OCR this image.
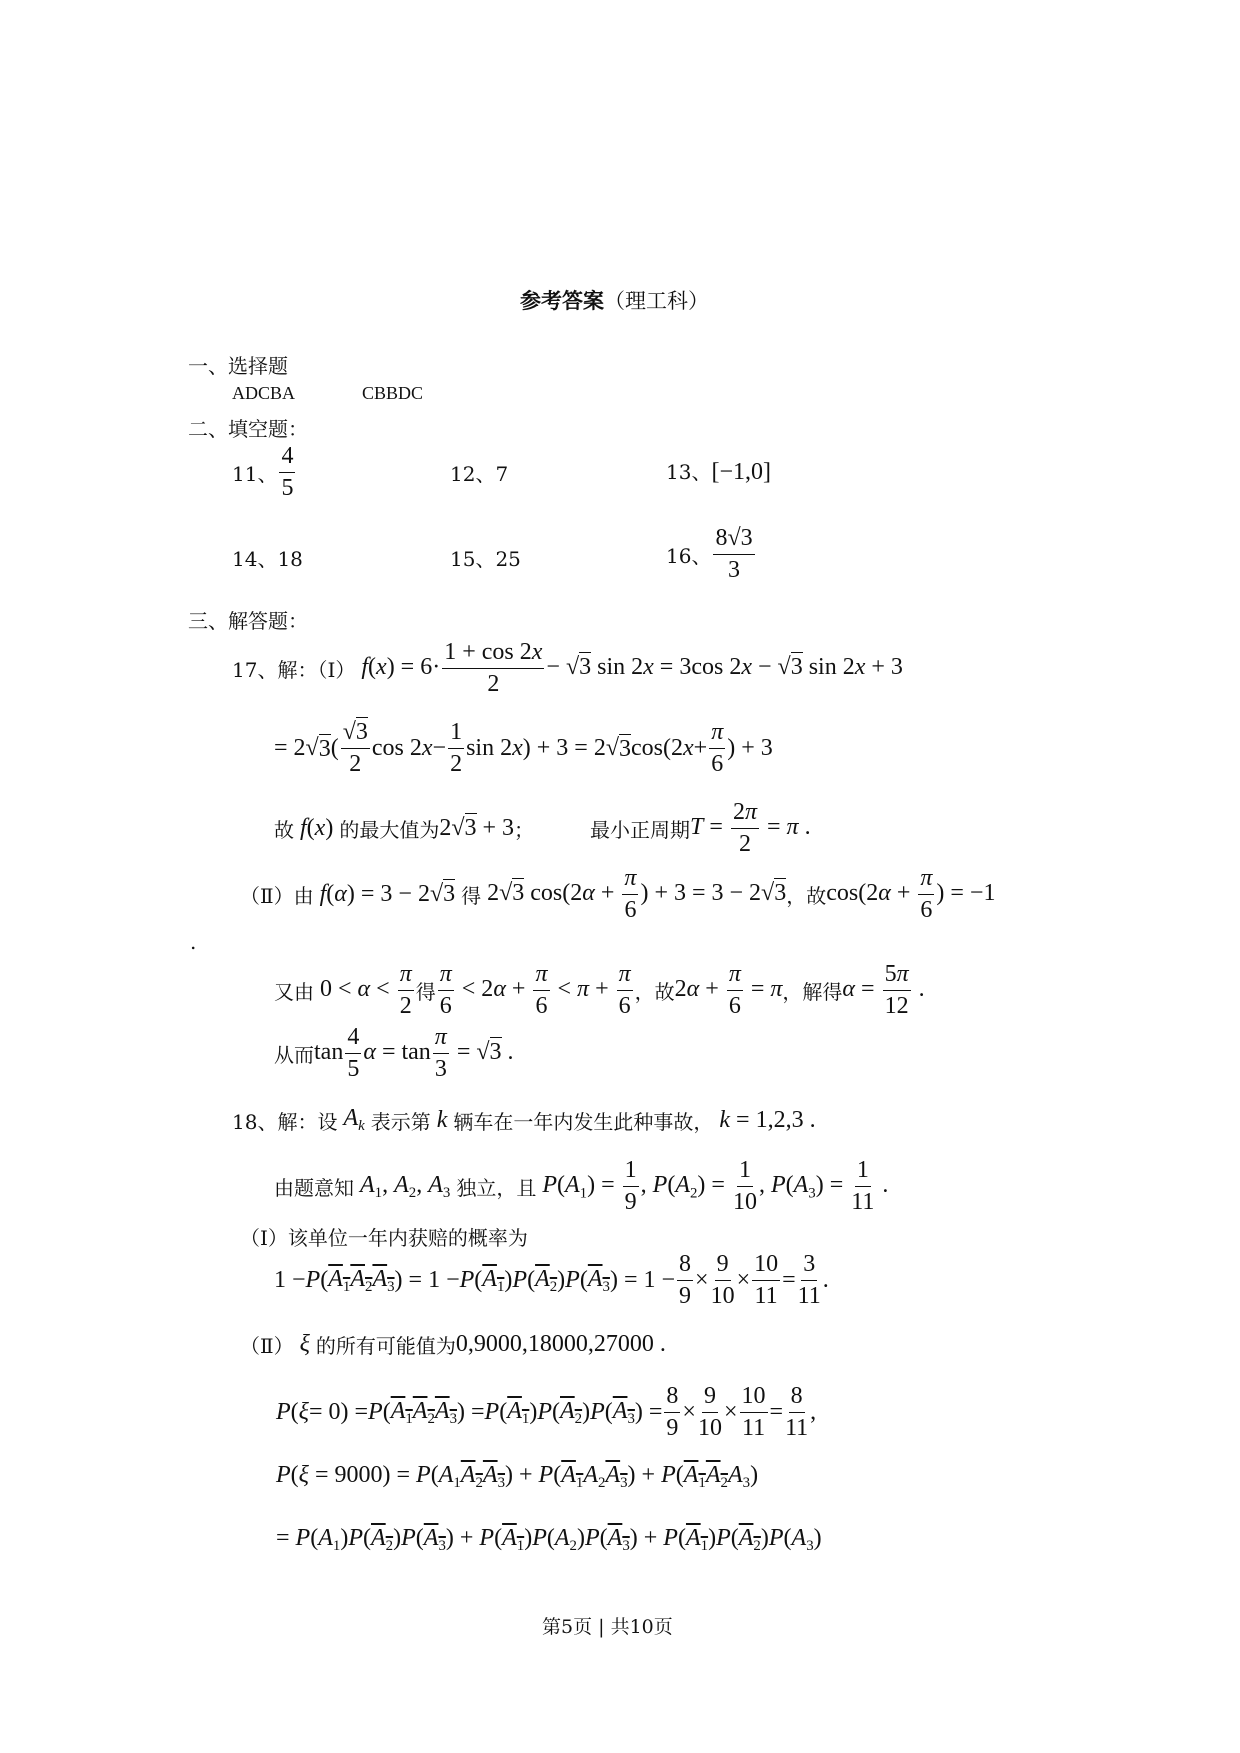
参考答案（理工科）
一、选择题
ADCBA	CBBDC
二、填空题：
11、 $\frac{4}{5}$	12、7	13、[−1,0]
14、18	15、25	16、 $\frac{8√3}{3}$
三、解答题：
17、解：（Ⅰ） $f(x) = 6\cdot \frac{1 + \cos 2x}{2} - √3$ sin 2x = 3cos 2x − √3 sin 2x + 3
= 2√ 3 ( $\frac{√3}{2}$ cos 2 $x - \frac{1}{2}$ sin 2 x ) + 3 = 2√ 3 cos(2 $x + \frac{\pi}{6}$ ) + 3
故 f(x) 的最大值为 2√3 + 3 ；	最小正周期 $T = \frac{2\pi}{2} = \pi$ .
（Ⅱ）由 f(α) = 3 − 2√3 得 2√3 $\cos(2\alpha + \frac{\pi}{6}$ ) + 3 = 3 − 2√3 ，故 $\cos(2\alpha + \frac{\pi}{6}$ ) = −1
.
又由 $0 < \alpha < \frac{\pi}{2}$ 得 $\frac{\pi}{6} < 2\alpha + \frac{\pi}{6} < \pi + \frac{\pi}{6}$ ，故 $2\alpha + \frac{\pi}{6} = \pi$ ，解得 $\alpha = \frac{5\pi}{12}$ .
从而 $\tan \frac{4}{5}$ $\alpha = \tan \frac{\pi}{3} = √3$ .
18、解：设 $A_k$ 表示第 k 辆车在一年内发生此种事故， k = 1,2,3 .
由题意知 $A_1$, $A_2$, $A_3$ 独立，且 $P(A_1) = \frac{1}{9}$ , $P(A_2) = \frac{1}{10}$ , $P(A_3) = \frac{1}{11}$ .
（Ⅰ）该单位一年内获赔的概率为
1 − P ( $A_1A_2A_3$ ) = 1 − P ( $A_1$ ) P ( $A_2$ ) P ( $A_3$ ) = $1 - \frac{8}{9} \times \frac{9}{10} \times \frac{10}{11} = \frac{3}{11}$ .
（Ⅱ） ξ 的所有可能值为 0,9000,18000,27000 .
P ( ξ = 0) = P ( $A_1$ $A_2$ $A_3$ ) = P ( $A_1$ ) P ( $A_2$ ) P ( $A_3$ ) = $\frac{8}{9} \times \frac{9}{10} \times \frac{10}{11} = \frac{8}{11}$ ,
$P(\xi = 9000) = P(A_1A_2A_3) + P(A_1A_2A_3) + P(A_1A_2A_3)$
= $P(A_1)P(A_2)P(A_3) + P(A_1)P(A_2)P(A_3) + P(A_1)P(A_2)P(A_3)$
第5页 | 共10页
